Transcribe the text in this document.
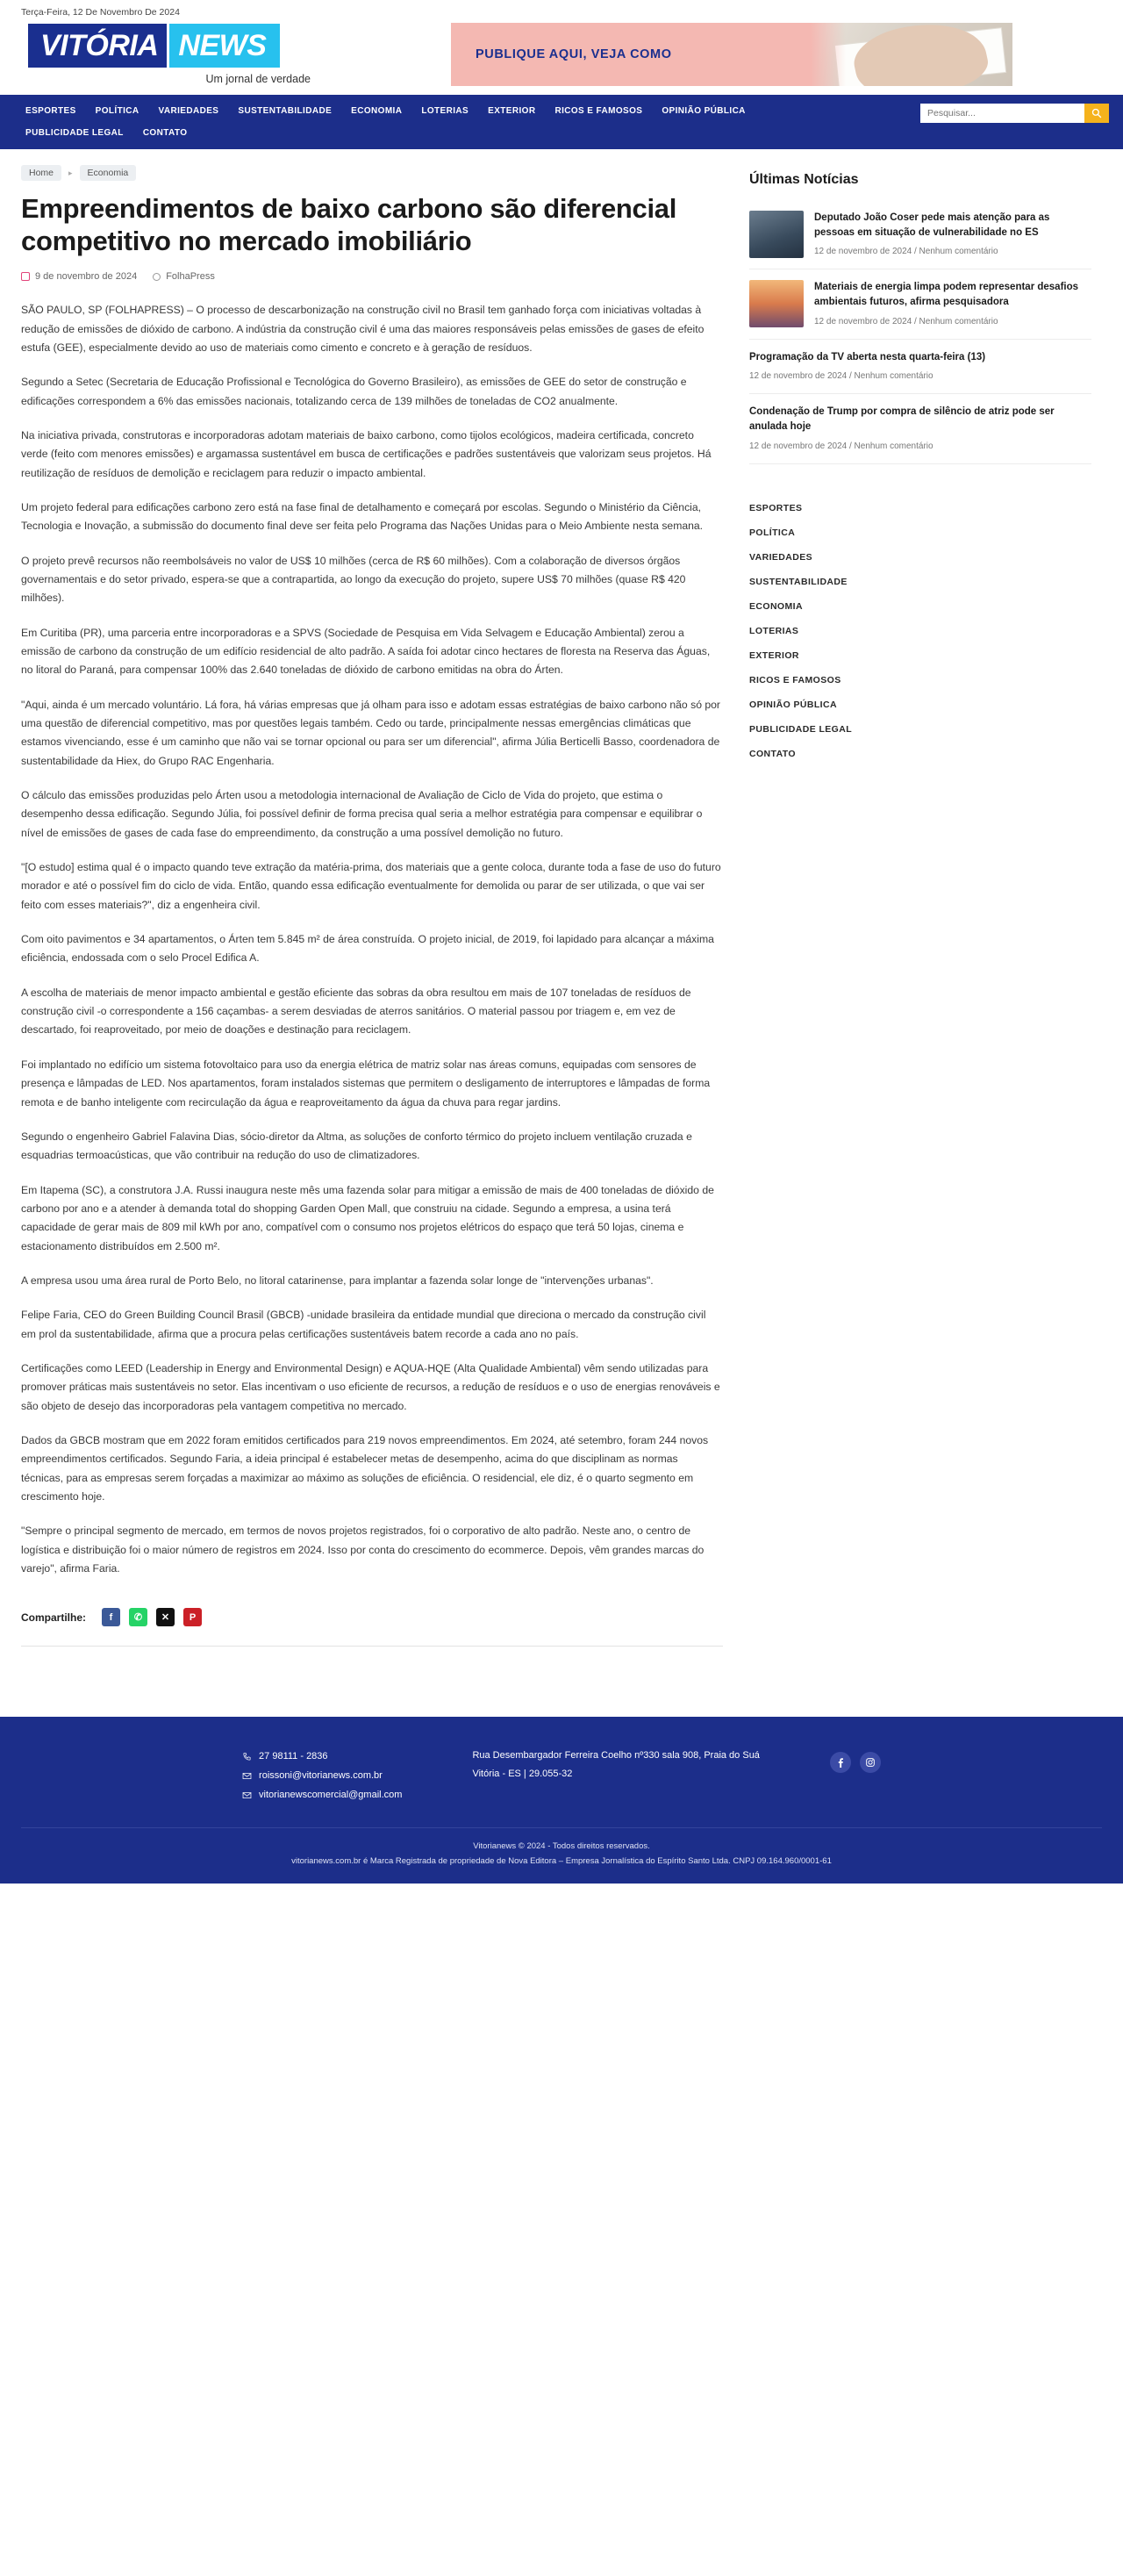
Terça-Feira, 12 De Novembro De 2024
VITÓRIA NEWS
Um jornal de verdade
PUBLIQUE AQUI, VEJA COMO
ESPORTES	POLÍTICA	VARIEDADES	SUSTENTABILIDADE	ECONOMIA	LOTERIAS	EXTERIOR	RICOS E FAMOSOS	OPINIÃO PÚBLICA
PUBLICIDADE LEGAL	CONTATO
Pesquisar...
Home	▸	Economia
Empreendimentos de baixo carbono são diferencial competitivo no mercado imobiliário
9 de novembro de 2024	FolhaPress

SÃO PAULO, SP (FOLHAPRESS) – O processo de descarbonização na construção civil no Brasil tem ganhado força com iniciativas voltadas à redução de emissões de dióxido de carbono. A indústria da construção civil é uma das maiores responsáveis pelas emissões de gases de efeito estufa (GEE), especialmente devido ao uso de materiais como cimento e concreto e à geração de resíduos.

Segundo a Setec (Secretaria de Educação Profissional e Tecnológica do Governo Brasileiro), as emissões de GEE do setor de construção e edificações correspondem a 6% das emissões nacionais, totalizando cerca de 139 milhões de toneladas de CO2 anualmente.

Na iniciativa privada, construtoras e incorporadoras adotam materiais de baixo carbono, como tijolos ecológicos, madeira certificada, concreto verde (feito com menores emissões) e argamassa sustentável em busca de certificações e padrões sustentáveis que valorizam seus projetos. Há reutilização de resíduos de demolição e reciclagem para reduzir o impacto ambiental.

Um projeto federal para edificações carbono zero está na fase final de detalhamento e começará por escolas. Segundo o Ministério da Ciência, Tecnologia e Inovação, a submissão do documento final deve ser feita pelo Programa das Nações Unidas para o Meio Ambiente nesta semana.

O projeto prevê recursos não reembolsáveis no valor de US$ 10 milhões (cerca de R$ 60 milhões). Com a colaboração de diversos órgãos governamentais e do setor privado, espera-se que a contrapartida, ao longo da execução do projeto, supere US$ 70 milhões (quase R$ 420 milhões).

Em Curitiba (PR), uma parceria entre incorporadoras e a SPVS (Sociedade de Pesquisa em Vida Selvagem e Educação Ambiental) zerou a emissão de carbono da construção de um edifício residencial de alto padrão. A saída foi adotar cinco hectares de floresta na Reserva das Águas, no litoral do Paraná, para compensar 100% das 2.640 toneladas de dióxido de carbono emitidas na obra do Árten.

"Aqui, ainda é um mercado voluntário. Lá fora, há várias empresas que já olham para isso e adotam essas estratégias de baixo carbono não só por uma questão de diferencial competitivo, mas por questões legais também. Cedo ou tarde, principalmente nessas emergências climáticas que estamos vivenciando, esse é um caminho que não vai se tornar opcional ou para ser um diferencial", afirma Júlia Berticelli Basso, coordenadora de sustentabilidade da Hiex, do Grupo RAC Engenharia.

O cálculo das emissões produzidas pelo Árten usou a metodologia internacional de Avaliação de Ciclo de Vida do projeto, que estima o desempenho dessa edificação. Segundo Júlia, foi possível definir de forma precisa qual seria a melhor estratégia para compensar e equilibrar o nível de emissões de gases de cada fase do empreendimento, da construção a uma possível demolição no futuro.

"[O estudo] estima qual é o impacto quando teve extração da matéria-prima, dos materiais que a gente coloca, durante toda a fase de uso do futuro morador e até o possível fim do ciclo de vida. Então, quando essa edificação eventualmente for demolida ou parar de ser utilizada, o que vai ser feito com esses materiais?", diz a engenheira civil.

Com oito pavimentos e 34 apartamentos, o Árten tem 5.845 m² de área construída. O projeto inicial, de 2019, foi lapidado para alcançar a máxima eficiência, endossada com o selo Procel Edifica A.

A escolha de materiais de menor impacto ambiental e gestão eficiente das sobras da obra resultou em mais de 107 toneladas de resíduos de construção civil -o correspondente a 156 caçambas- a serem desviadas de aterros sanitários. O material passou por triagem e, em vez de descartado, foi reaproveitado, por meio de doações e destinação para reciclagem.

Foi implantado no edifício um sistema fotovoltaico para uso da energia elétrica de matriz solar nas áreas comuns, equipadas com sensores de presença e lâmpadas de LED. Nos apartamentos, foram instalados sistemas que permitem o desligamento de interruptores e lâmpadas de forma remota e de banho inteligente com recirculação da água e reaproveitamento da água da chuva para regar jardins.

Segundo o engenheiro Gabriel Falavina Dias, sócio-diretor da Altma, as soluções de conforto térmico do projeto incluem ventilação cruzada e esquadrias termoacústicas, que vão contribuir na redução do uso de climatizadores.

Em Itapema (SC), a construtora J.A. Russi inaugura neste mês uma fazenda solar para mitigar a emissão de mais de 400 toneladas de dióxido de carbono por ano e a atender à demanda total do shopping Garden Open Mall, que construiu na cidade. Segundo a empresa, a usina terá capacidade de gerar mais de 809 mil kWh por ano, compatível com o consumo nos projetos elétricos do espaço que terá 50 lojas, cinema e estacionamento distribuídos em 2.500 m².

A empresa usou uma área rural de Porto Belo, no litoral catarinense, para implantar a fazenda solar longe de "intervenções urbanas".

Felipe Faria, CEO do Green Building Council Brasil (GBCB) -unidade brasileira da entidade mundial que direciona o mercado da construção civil em prol da sustentabilidade, afirma que a procura pelas certificações sustentáveis batem recorde a cada ano no país.

Certificações como LEED (Leadership in Energy and Environmental Design) e AQUA-HQE (Alta Qualidade Ambiental) vêm sendo utilizadas para promover práticas mais sustentáveis no setor. Elas incentivam o uso eficiente de recursos, a redução de resíduos e o uso de energias renováveis e são objeto de desejo das incorporadoras pela vantagem competitiva no mercado.

Dados da GBCB mostram que em 2022 foram emitidos certificados para 219 novos empreendimentos. Em 2024, até setembro, foram 244 novos empreendimentos certificados. Segundo Faria, a ideia principal é estabelecer metas de desempenho, acima do que disciplinam as normas técnicas, para as empresas serem forçadas a maximizar ao máximo as soluções de eficiência. O residencial, ele diz, é o quarto segmento em crescimento hoje.

"Sempre o principal segmento de mercado, em termos de novos projetos registrados, foi o corporativo de alto padrão. Neste ano, o centro de logística e distribuição foi o maior número de registros em 2024. Isso por conta do crescimento do ecommerce. Depois, vêm grandes marcas do varejo", afirma Faria.

Compartilhe:	f	✆	✕	P
Últimas Notícias
Deputado João Coser pede mais atenção para as pessoas em situação de vulnerabilidade no ES
12 de novembro de 2024 / Nenhum comentário
Materiais de energia limpa podem representar desafios ambientais futuros, afirma pesquisadora
12 de novembro de 2024 / Nenhum comentário
Programação da TV aberta nesta quarta-feira (13)
12 de novembro de 2024 / Nenhum comentário
Condenação de Trump por compra de silêncio de atriz pode ser anulada hoje
12 de novembro de 2024 / Nenhum comentário
ESPORTES
POLÍTICA
VARIEDADES
SUSTENTABILIDADE
ECONOMIA
LOTERIAS
EXTERIOR
RICOS E FAMOSOS
OPINIÃO PÚBLICA
PUBLICIDADE LEGAL
CONTATO
27 98111 - 2836
roissoni@vitorianews.com.br
vitorianewscomercial@gmail.com
Rua Desembargador Ferreira Coelho nº330 sala 908, Praia do Suá
Vitória - ES | 29.055-32
Vitorianews © 2024 - Todos direitos reservados.
vitorianews.com.br é Marca Registrada de propriedade de Nova Editora – Empresa Jornalística do Espírito Santo Ltda. CNPJ 09.164.960/0001-61
